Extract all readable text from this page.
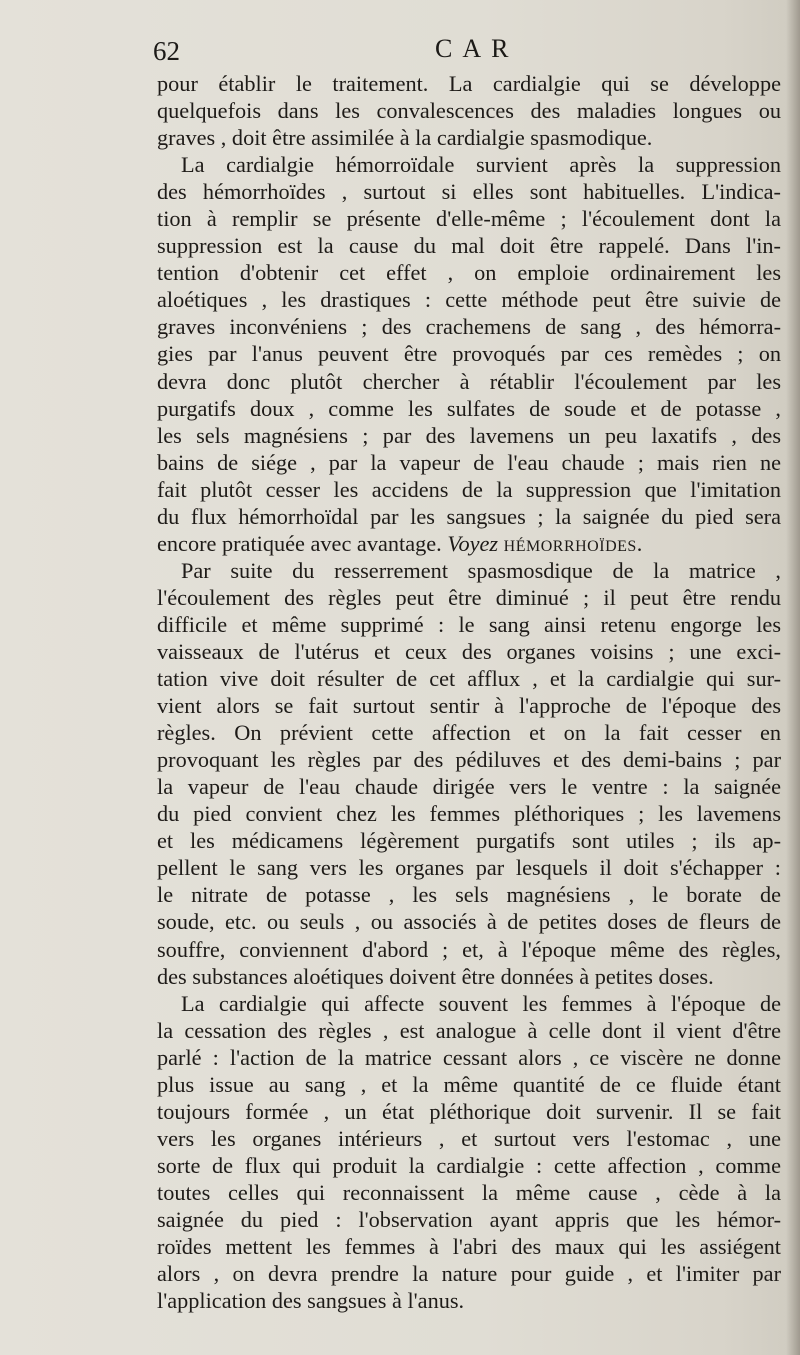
62	CAR
pour établir le traitement. La cardialgie qui se développe
quelquefois dans les convalescences des maladies longues ou
graves , doit être assimilée à la cardialgie spasmodique.
La cardialgie hémorroïdale survient après la suppression
des hémorrhoïdes , surtout si elles sont habituelles. L'indica-
tion à remplir se présente d'elle-même ; l'écoulement dont la
suppression est la cause du mal doit être rappelé. Dans l'in-
tention d'obtenir cet effet , on emploie ordinairement les
aloétiques , les drastiques : cette méthode peut être suivie de
graves inconvéniens ; des crachemens de sang , des hémorra-
gies par l'anus peuvent être provoqués par ces remèdes ; on
devra donc plutôt chercher à rétablir l'écoulement par les
purgatifs doux , comme les sulfates de soude et de potasse ,
les sels magnésiens ; par des lavemens un peu laxatifs , des
bains de siége , par la vapeur de l'eau chaude ; mais rien ne
fait plutôt cesser les accidens de la suppression que l'imitation
du flux hémorrhoïdal par les sangsues ; la saignée du pied sera
encore pratiquée avec avantage. Voyez hémorrhoïdes.
Par suite du resserrement spasmosdique de la matrice ,
l'écoulement des règles peut être diminué ; il peut être rendu
difficile et même supprimé : le sang ainsi retenu engorge les
vaisseaux de l'utérus et ceux des organes voisins ; une exci-
tation vive doit résulter de cet afflux , et la cardialgie qui sur-
vient alors se fait surtout sentir à l'approche de l'époque des
règles. On prévient cette affection et on la fait cesser en
provoquant les règles par des pédiluves et des demi-bains ; par
la vapeur de l'eau chaude dirigée vers le ventre : la saignée
du pied convient chez les femmes pléthoriques ; les lavemens
et les médicamens légèrement purgatifs sont utiles ; ils ap-
pellent le sang vers les organes par lesquels il doit s'échapper :
le nitrate de potasse , les sels magnésiens , le borate de
soude, etc. ou seuls , ou associés à de petites doses de fleurs de
souffre, conviennent d'abord ; et, à l'époque même des règles,
des substances aloétiques doivent être données à petites doses.
La cardialgie qui affecte souvent les femmes à l'époque de
la cessation des règles , est analogue à celle dont il vient d'être
parlé : l'action de la matrice cessant alors , ce viscère ne donne
plus issue au sang , et la même quantité de ce fluide étant
toujours formée , un état pléthorique doit survenir. Il se fait
vers les organes intérieurs , et surtout vers l'estomac , une
sorte de flux qui produit la cardialgie : cette affection , comme
toutes celles qui reconnaissent la même cause , cède à la
saignée du pied : l'observation ayant appris que les hémor-
roïdes mettent les femmes à l'abri des maux qui les assiégent
alors , on devra prendre la nature pour guide , et l'imiter par
l'application des sangsues à l'anus.
